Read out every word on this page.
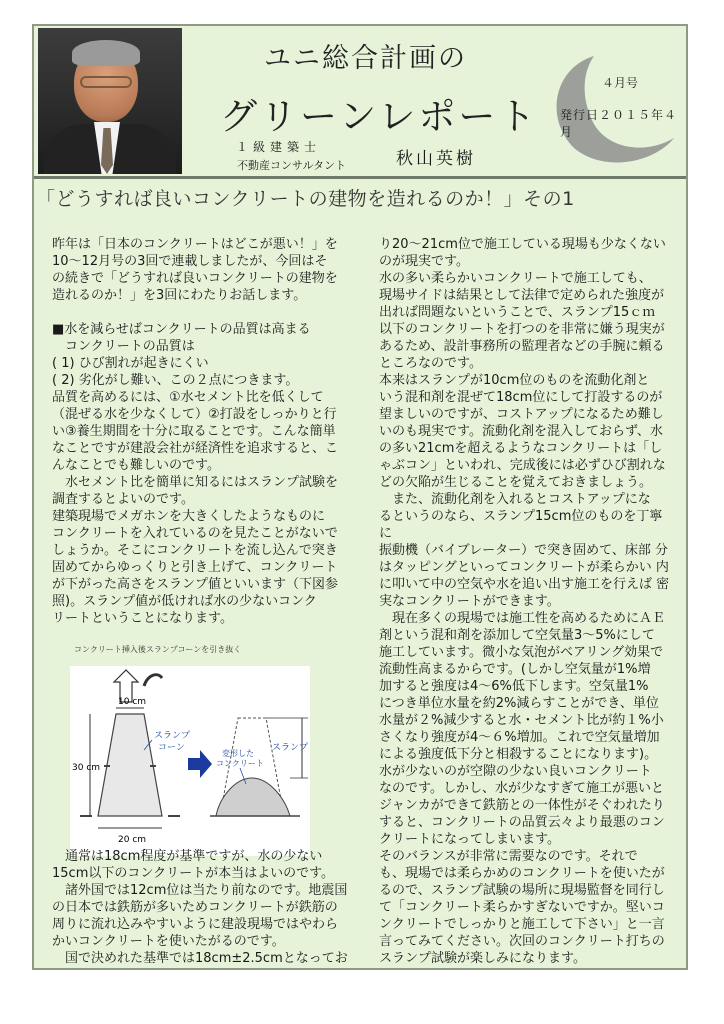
ユニ総合計画の
グリーンレポート
１級建築士
不動産コンサルタント	秋山英樹
４月号
発行日２０１５年４月
「どうすれば良いコンクリートの建物を造れるのか！」その1

昨年は「日本のコンクリートはどこが悪い！」を

10〜12月号の3回で連載しましたが、今回はそ

の続きで「どうすれば良いコンクリートの建物を

造れるのか！」を3回にわたりお話します。

■水を減らせばコンクリートの品質は高まる

　コンクリートの品質は

( 1) ひび割れが起きにくい

( 2) 劣化がし難い、この２点につきます。

品質を高めるには、①水セメント比を低くして

（混ぜる水を少なくして）②打設をしっかりと行

い③養生期間を十分に取ることです。こんな簡単

なことですが建設会社が経済性を追求すると、こ

んなことでも難しいのです。

　水セメント比を簡単に知るにはスランプ試験を

調査するとよいのです。

建築現場でメガホンを大きくしたようなものに

コンクリートを入れているのを見たことがないで

しょうか。そこにコンクリートを流し込んで突き

固めてからゆっくりと引き上げて、コンクリート

が下がった高さをスランプ値といいます（下図参

照)。スランプ値が低ければ水の少ないコンク

リートということになります。

コンクリート挿入後スランプコーンを引き抜く
10 cm
スランプ
コーン
30 cm
20 cm
変形した
コンクリート
スランプ

　通常は18cm程度が基準ですが、水の少ない

15cm以下のコンクリートが本当はよいのです。

　諸外国では12cm位は当たり前なのです。地震国

の日本では鉄筋が多いためコンクリートが鉄筋の

周りに流れ込みやすいように建設現場ではやわら

かいコンクリートを使いたがるのです。

　国で決めれた基準では18cm±2.5cmとなってお

り20〜21cm位で施工している現場も少なくない

のが現実です。

水の多い柔らかいコンクリートで施工しても、

現場サイドは結果として法律で定められた強度が

出れば問題ないということで、スランプ15ｃｍ

以下のコンクリートを打つのを非常に嫌う現実が

あるため、設計事務所の監理者などの手腕に頼る

ところなのです。

本来はスランプが10cm位のものを流動化剤と

いう混和剤を混ぜて18cm位にして打設するのが

望ましいのですが、コストアップになるため難し

いのも現実です。流動化剤を混入しておらず、水

の多い21cmを超えるようなコンクリートは「し

ゃぶコン」といわれ、完成後には必ずひび割れな

どの欠陥が生じることを覚えておきましょう。

　また、流動化剤を入れるとコストアップにな

るというのなら、スランプ15cm位のものを丁寧 に

振動機（バイブレーター）で突き固めて、床部 分

はタッピングといってコンクリートが柔らかい 内

に叩いて中の空気や水を追い出す施工を行えば 密

実なコンクリートができます。

　現在多くの現場では施工性を高めるためにＡＥ

剤という混和剤を添加して空気量3〜5%にして

施工しています。微小な気泡がベアリング効果で

流動性高まるからです。(しかし空気量が1%増

加すると強度は4〜6%低下します。空気量1%

につき単位水量を約2%減らすことができ、単位

水量が２%減少すると水・セメント比が約１%小

さくなり強度が4〜６%増加。これで空気量増加

による強度低下分と相殺することになります)。

水が少ないのが空隙の少ない良いコンクリート

なのです。しかし、水が少なすぎて施工が悪いと

ジャンカができて鉄筋との一体性がそぐわれたり

すると、コンクリートの品質云々より最悪のコン

クリートになってしまいます。

そのバランスが非常に需要なのです。それで

も、現場では柔らかめのコンクリートを使いたが

るので、スランプ試験の場所に現場監督を同行し

て「コンクリート柔らかすぎないですか。堅いコ

ンクリートでしっかりと施工して下さい」と一言

言ってみてください。次回のコンクリート打ちの

スランプ試験が楽しみになります。
